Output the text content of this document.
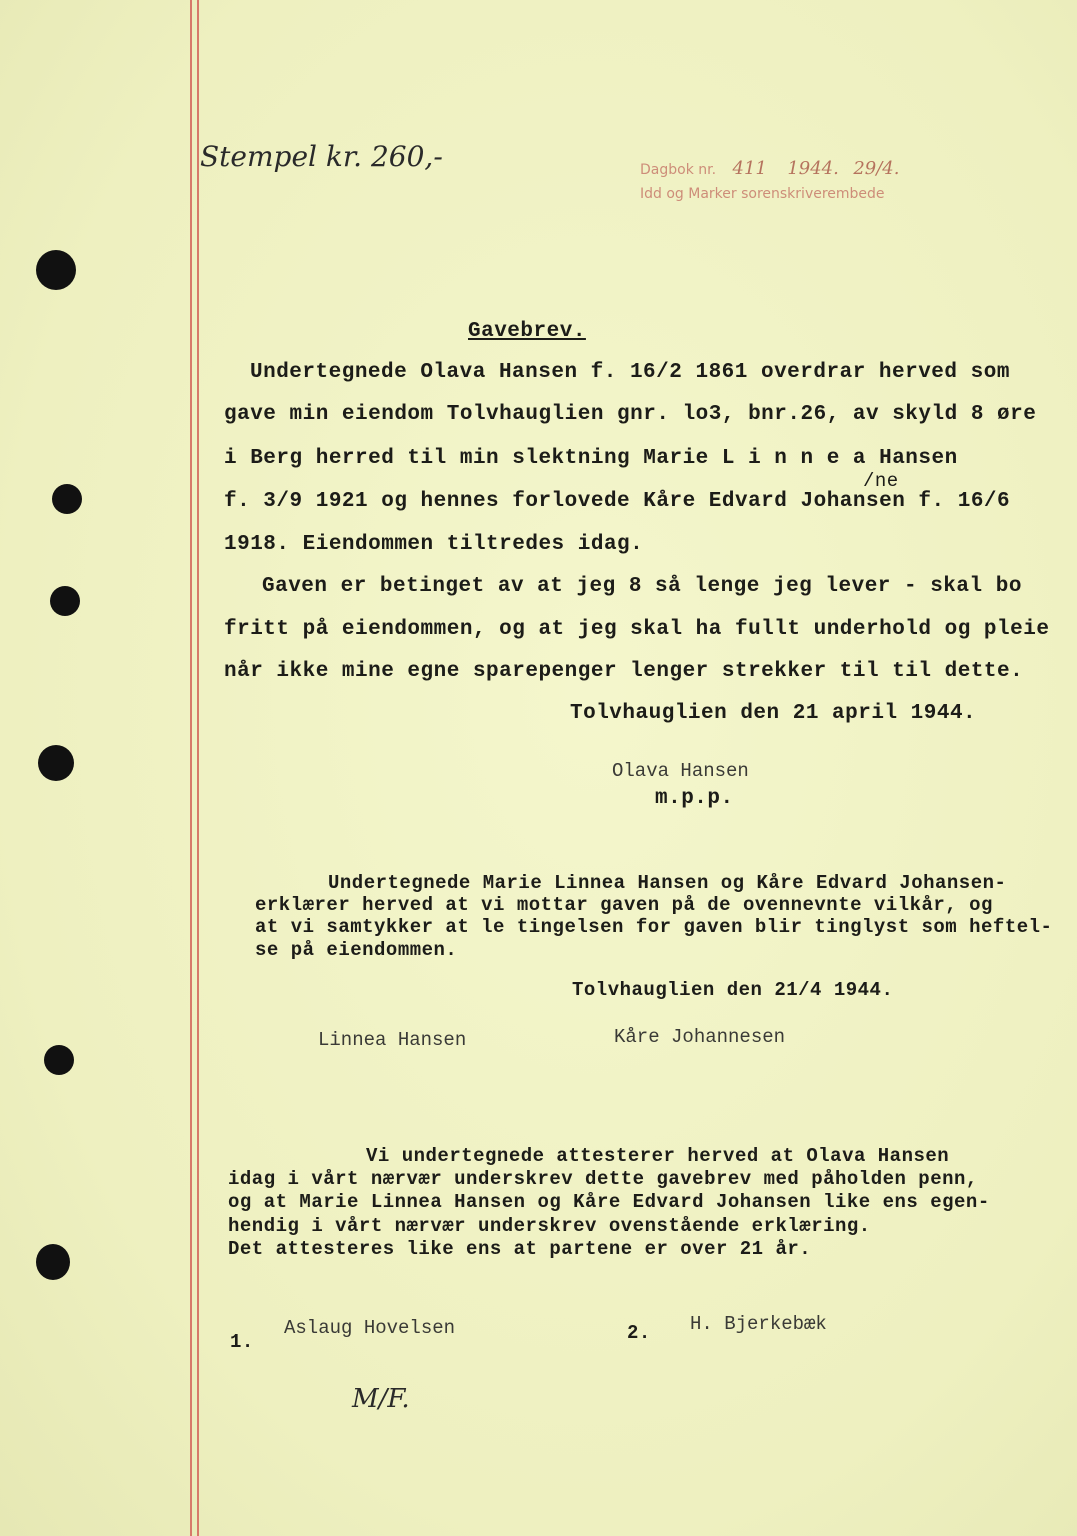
Stempel kr. 260,-	Dagbok nr. 411 1944. 29/4.
Idd og Marker sorenskriverembede
Gavebrev.
Undertegnede Olava Hansen f. 16/2 1861 overdrar herved som
gave min eiendom Tolvhauglien gnr. lo3, bnr.26, av skyld 8 øre
i Berg herred til min slektning Marie L i n n e a Hansen
/ne
f. 3/9 1921 og hennes forlovede Kåre Edvard Johansen f. 16/6
1918. Eiendommen tiltredes idag.
Gaven er betinget av at jeg 8 så lenge jeg lever - skal bo
fritt på eiendommen, og at jeg skal ha fullt underhold og pleie
når ikke mine egne sparepenger lenger strekker til til dette.
Tolvhauglien den 21 april 1944.
Olava Hansen
m.p.p.
Undertegnede Marie Linnea Hansen og Kåre Edvard Johansen-
erklærer herved at vi mottar gaven på de ovennevnte vilkår, og
at vi samtykker at le tingelsen for gaven blir tinglyst som heftel-
se på eiendommen.
Tolvhauglien den 21/4 1944.
Linnea Hansen	Kåre Johannesen
Vi undertegnede attesterer herved at Olava Hansen
idag i vårt nærvær underskrev dette gavebrev med påholden penn,
og at Marie Linnea Hansen og Kåre Edvard Johansen like ens egen-
hendig i vårt nærvær underskrev ovenstående erklæring.
Det attesteres like ens at partene er over 21 år.
1.
Aslaug Hovelsen	2. H. Bjerkebæk
M/F.
